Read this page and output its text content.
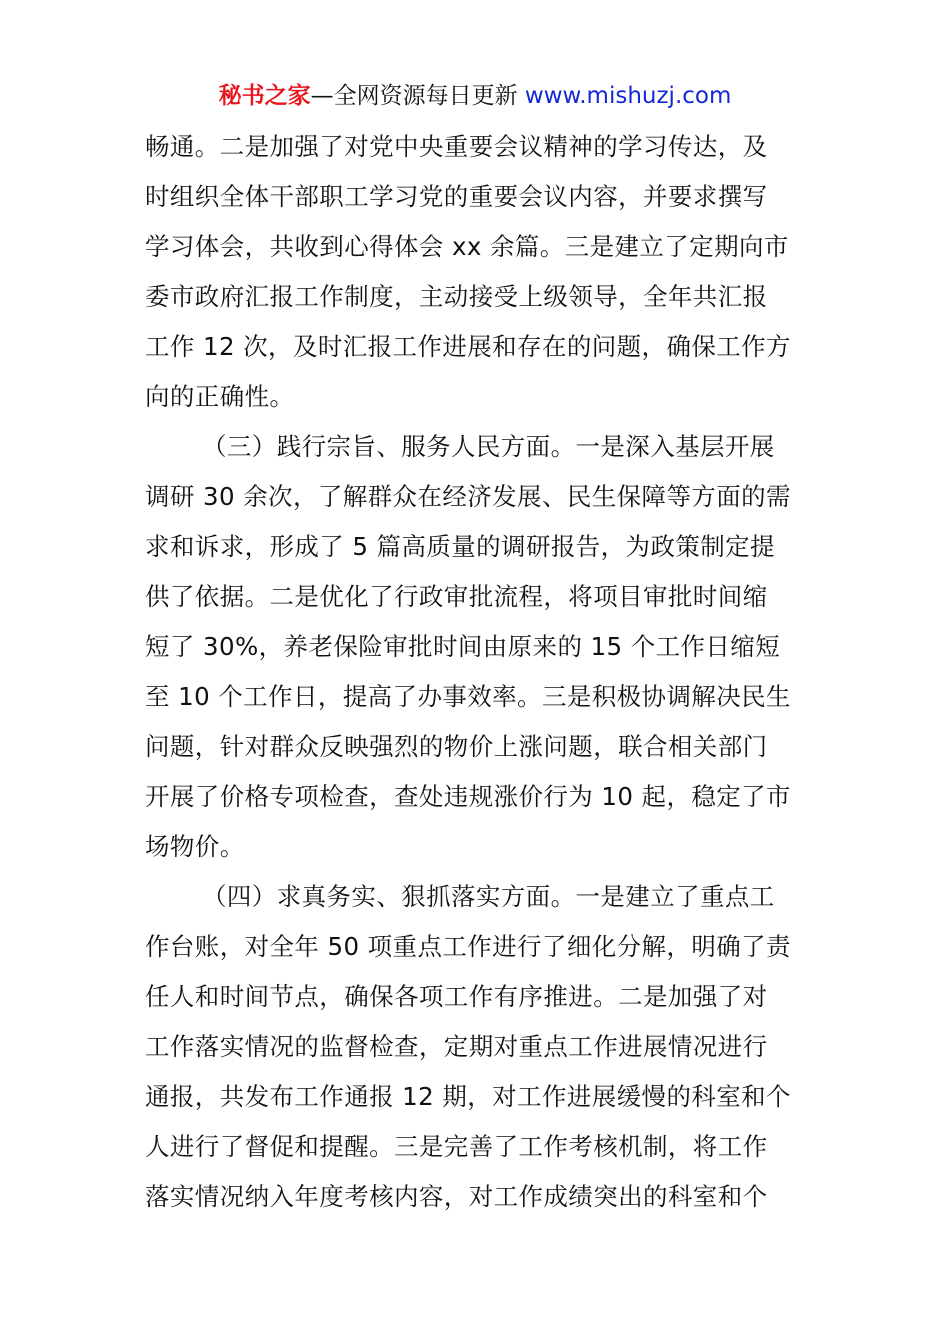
秘书之家—全网资源每日更新 www.mishuzj.com
畅通。二是加强了对党中央重要会议精神的学习传达，及
时组织全体干部职工学习党的重要会议内容，并要求撰写
学习体会，共收到心得体会 xx 余篇。三是建立了定期向市
委市政府汇报工作制度，主动接受上级领导，全年共汇报
工作 12 次，及时汇报工作进展和存在的问题，确保工作方
向的正确性。
（三）践行宗旨、服务人民方面。一是深入基层开展
调研 30 余次，了解群众在经济发展、民生保障等方面的需
求和诉求，形成了 5 篇高质量的调研报告，为政策制定提
供了依据。二是优化了行政审批流程，将项目审批时间缩
短了 30%，养老保险审批时间由原来的 15 个工作日缩短
至 10 个工作日，提高了办事效率。三是积极协调解决民生
问题，针对群众反映强烈的物价上涨问题，联合相关部门
开展了价格专项检查，查处违规涨价行为 10 起，稳定了市
场物价。
（四）求真务实、狠抓落实方面。一是建立了重点工
作台账，对全年 50 项重点工作进行了细化分解，明确了责
任人和时间节点，确保各项工作有序推进。二是加强了对
工作落实情况的监督检查，定期对重点工作进展情况进行
通报，共发布工作通报 12 期，对工作进展缓慢的科室和个
人进行了督促和提醒。三是完善了工作考核机制，将工作
落实情况纳入年度考核内容，对工作成绩突出的科室和个
